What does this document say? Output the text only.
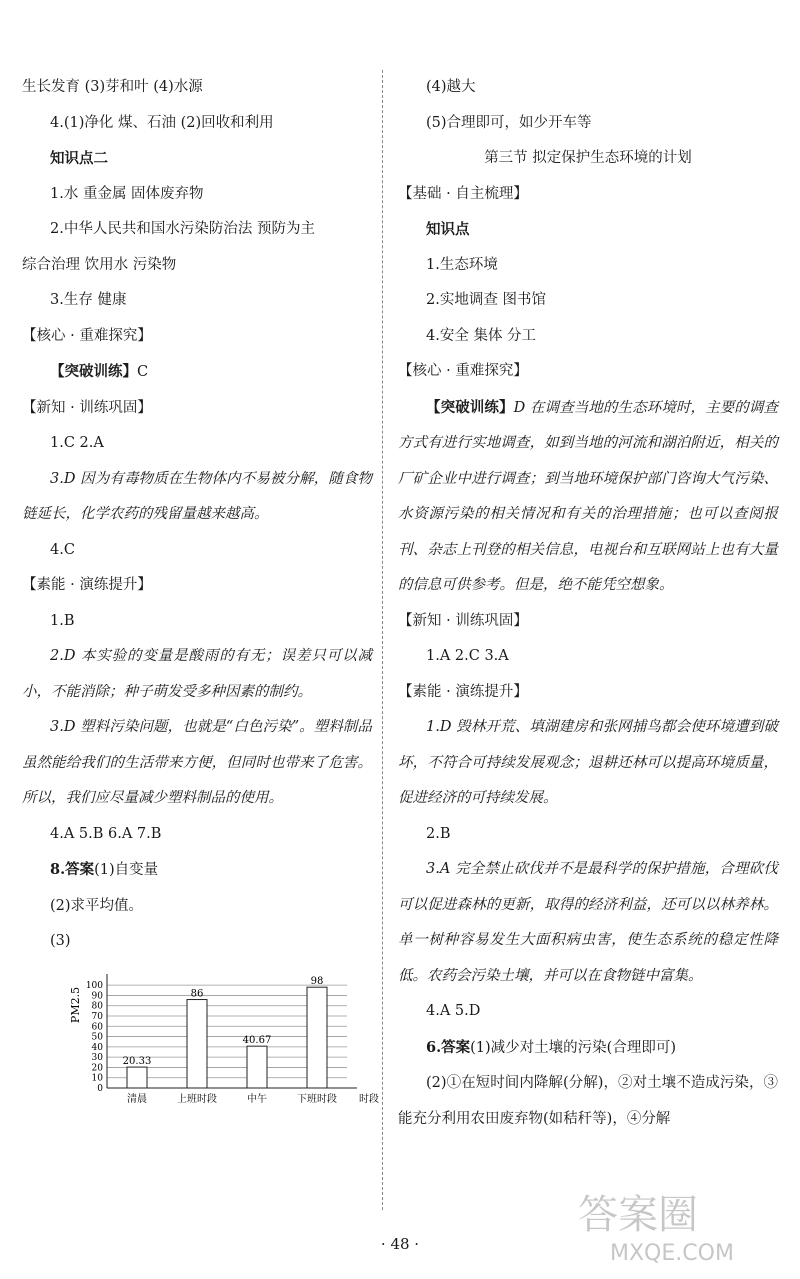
生长发育 (3)芽和叶 (4)水源
4.(1)净化 煤、石油 (2)回收和利用
知识点二
1.水 重金属 固体废弃物
2.中华人民共和国水污染防治法 预防为主
综合治理 饮用水 污染物
3.生存 健康
【核心 · 重难探究】
【突破训练】C
【新知 · 训练巩固】
1.C 2.A

3.D 因为有毒物质在生物体内不易被分解，随食物链延长，化学农药的残留量越来越高。

4.C
【素能 · 演练提升】
1.B

2.D 本实验的变量是酸雨的有无；误差只可以减小，不能消除；种子萌发受多种因素的制约。

3.D 塑料污染问题，也就是“白色污染”。塑料制品虽然能给我们的生活带来方便，但同时也带来了危害。所以，我们应尽量减少塑料制品的使用。

4.A 5.B 6.A 7.B
8.答案(1)自变量
(2)求平均值。
(3)
0
10
20
30
40
50
60
70
80
90
100
PM2.5
时段
20.33
清晨
86
上班时段
40.67
中午
98
下班时段
(4)越大
(5)合理即可，如少开车等
第三节 拟定保护生态环境的计划
【基础 · 自主梳理】
知识点
1.生态环境
2.实地调查 图书馆
4.安全 集体 分工
【核心 · 重难探究】

【突破训练】D 在调查当地的生态环境时，主要的调查方式有进行实地调查，如到当地的河流和湖泊附近，相关的厂矿企业中进行调查；到当地环境保护部门咨询大气污染、水资源污染的相关情况和有关的治理措施；也可以查阅报刊、杂志上刊登的相关信息，电视台和互联网站上也有大量的信息可供参考。但是，绝不能凭空想象。

【新知 · 训练巩固】
1.A 2.C 3.A
【素能 · 演练提升】

1.D 毁林开荒、填湖建房和张网捕鸟都会使环境遭到破坏，不符合可持续发展观念；退耕还林可以提高环境质量，促进经济的可持续发展。

2.B

3.A 完全禁止砍伐并不是最科学的保护措施，合理砍伐可以促进森林的更新，取得的经济利益，还可以以林养林。单一树种容易发生大面积病虫害，使生态系统的稳定性降低。农药会污染土壤，并可以在食物链中富集。

4.A 5.D
6.答案(1)减少对土壤的污染(合理即可)

(2)①在短时间内降解(分解)，②对土壤不造成污染，③能充分利用农田废弃物(如秸秆等)，④分解

· 48 ·
答案圈
MXQE.COM
